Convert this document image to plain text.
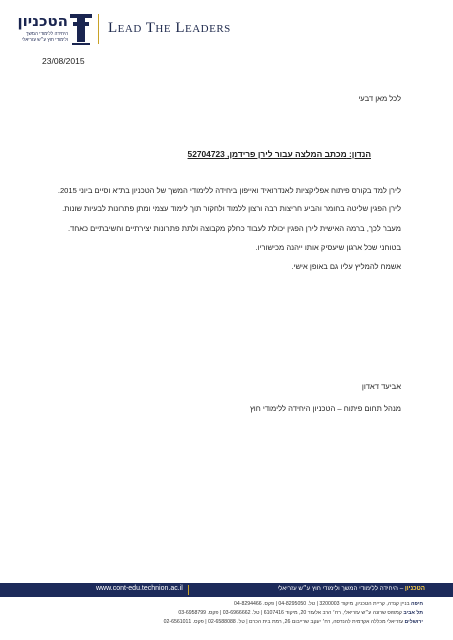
הטכניון
היחידה ללימודי המשך
ולימודי חוץ ע״ש עזריאלי
Lead The Leaders
23/08/2015
לכל מאן דבעי
הנדון: מכתב המלצה עבור לירן פרידמן, 52704723
לירן למד בקורס פיתוח אפליקציות לאנדרואיד ואייפון ביחידה ללימודי המשך של הטכניון בת"א וסיים ביוני 2015.
לירן הפגין שליטה בחומר והביע חריצות רבה ורצון ללמוד ולחקור תוך לימוד עצמי ומתן פתרונות לבעיות שונות.
מעבר לכך, ברמה האישית לירן הפגין יכולת לעבוד כחלק מקבוצה ולתת פתרונות יצירתיים וחשיבתיים כאחד.
בטוחני שכל ארגון שיעסיק אותו ייהנה מכישוריו.
אשמח להמליץ עליו גם באופן אישי.
אביעד דאדון
מנהל תחום פיתוח – הטכניון היחידה ללימודי חוץ
www.cont-edu.technion.ac.il	הטכניון – היחידה ללימודי המשך ולימודי חוץ ע״ש עזריאלי
חיפה בניין קנדה, קריית הטכניון, מיקוד 3200003 | טל. 04-8295050 | פקס. 04-8294466
תל אביב קמפוס שרונה ע״ש עזריאלי, רח׳ הרב אלעזר 20, מיקוד 6107416 | טל. 03-6966662 | פקס. 03-6958799
ירושלים עזריאלי מכללה אקדמית להנדסה, רח׳ יעקב שרייבום 26, רמת בית הכרם | טל. 02-6588088 | פקס. 02-6561011
